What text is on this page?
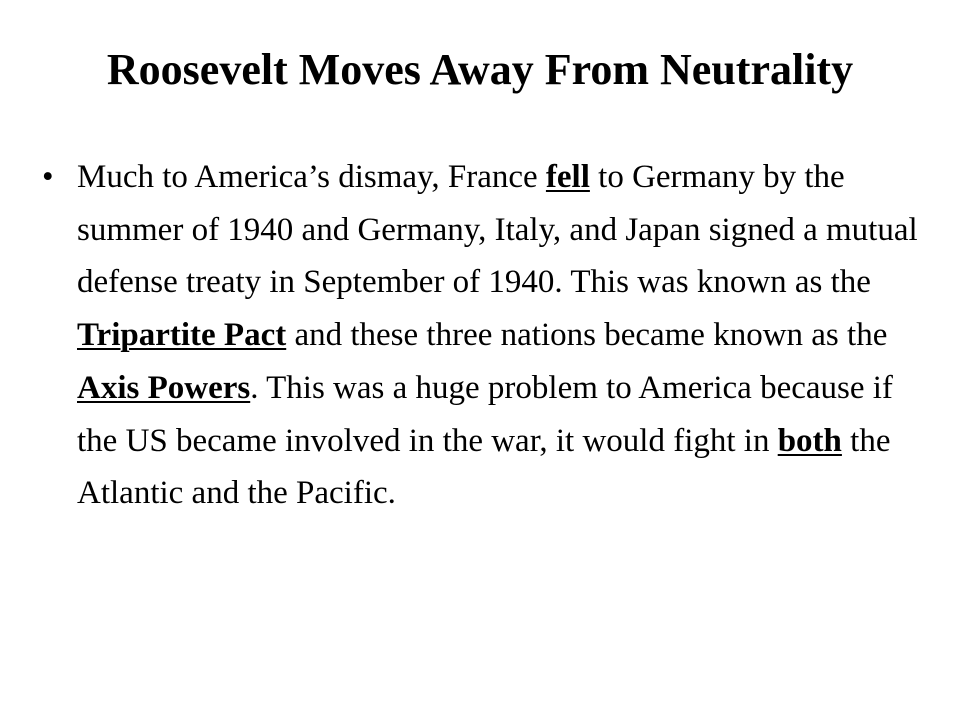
Roosevelt Moves Away From Neutrality
• Much to America’s dismay, France fell to Germany by the summer of 1940 and Germany, Italy, and Japan signed a mutual defense treaty in September of 1940. This was known as the Tripartite Pact and these three nations became known as the Axis Powers. This was a huge problem to America because if the US became involved in the war, it would fight in both the Atlantic and the Pacific.
